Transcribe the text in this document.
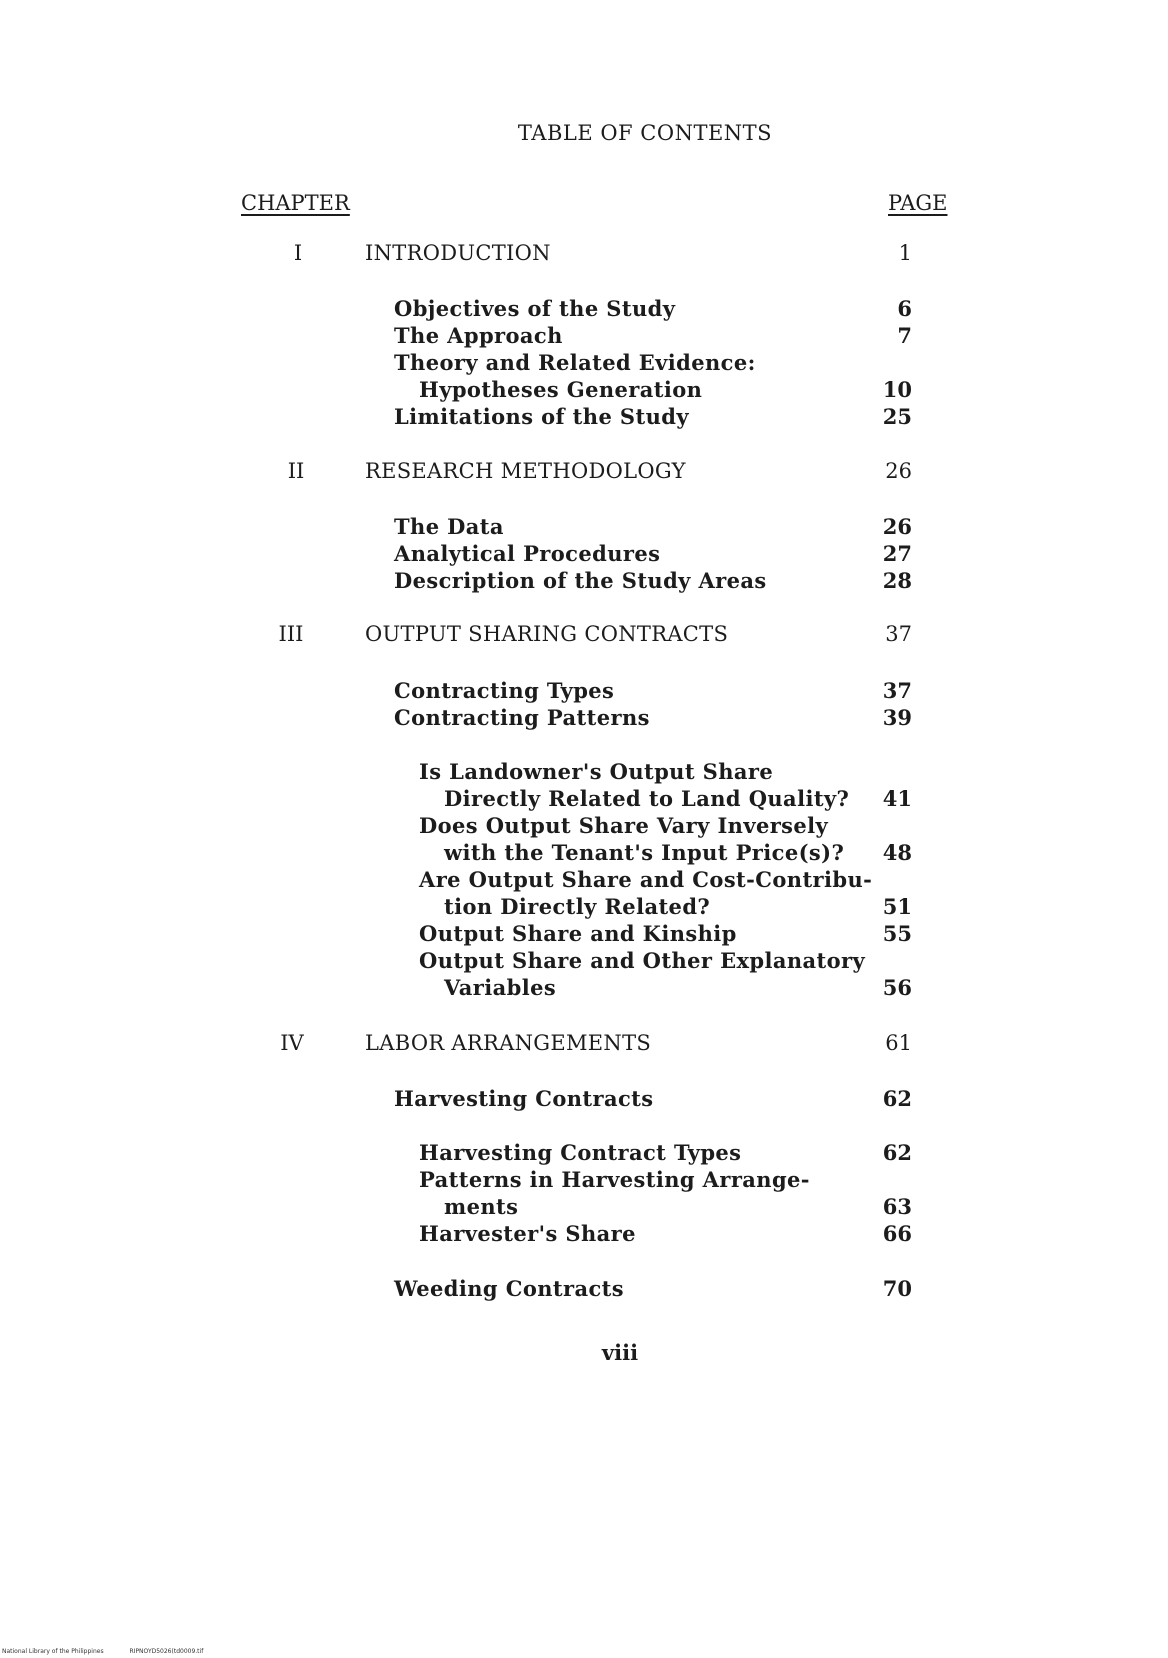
TABLE OF CONTENTS
CHAPTER	PAGE
I	INTRODUCTION	1
Objectives of the Study	6
The Approach	7
Theory and Related Evidence:
Hypotheses Generation	10
Limitations of the Study	25
II	RESEARCH METHODOLOGY	26
The Data	26
Analytical Procedures	27
Description of the Study Areas	28
III	OUTPUT SHARING CONTRACTS	37
Contracting Types	37
Contracting Patterns	39
Is Landowner's Output Share
Directly Related to Land Quality?	41
Does Output Share Vary Inversely
with the Tenant's Input Price(s)?	48
Are Output Share and Cost-Contribu-
tion Directly Related?	51
Output Share and Kinship	55
Output Share and Other Explanatory
Variables	56
IV	LABOR ARRANGEMENTS	61
Harvesting Contracts	62
Harvesting Contract Types	62
Patterns in Harvesting Arrange-
ments	63
Harvester's Share	66
Weeding Contracts	70
viii
National Library of the Philippines	RIPNOYD5026(td0009.tif
